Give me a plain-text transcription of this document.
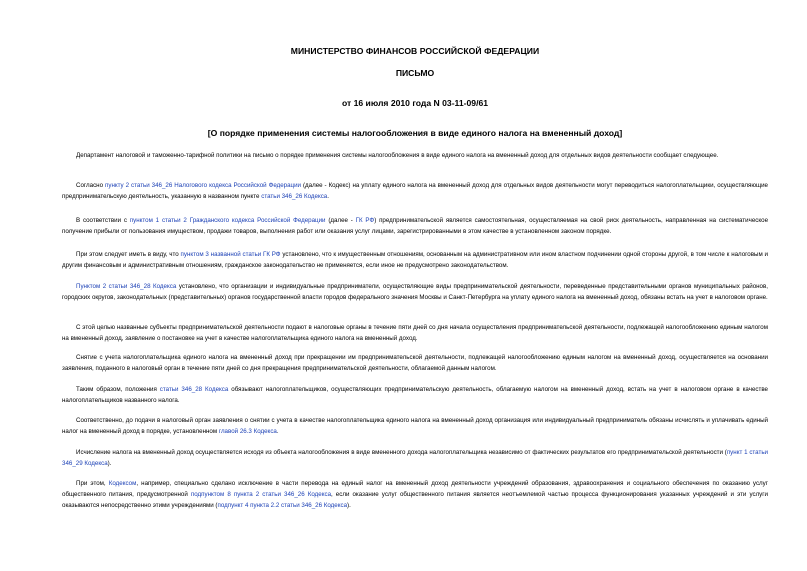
МИНИСТЕРСТВО ФИНАНСОВ РОССИЙСКОЙ ФЕДЕРАЦИИ
ПИСЬМО
от 16 июля 2010 года N 03-11-09/61
[О порядке применения системы налогообложения в виде единого налога на вмененный доход]

Департамент налоговой и таможенно-тарифной политики на письмо о порядке применения системы налогообложения в виде единого налога на вмененный доход для отдельных видов деятельности сообщает следующее.

Согласно пункту 2 статьи 346_26 Налогового кодекса Российской Федерации (далее - Кодекс) на уплату единого налога на вмененный доход для отдельных видов деятельности могут переводиться налогоплательщики, осуществляющие предпринимательскую деятельность, указанную в названном пункте статьи 346_26 Кодекса.

В соответствии с пунктом 1 статьи 2 Гражданского кодекса Российской Федерации (далее - ГК РФ) предпринимательской является самостоятельная, осуществляемая на свой риск деятельность, направленная на систематическое получение прибыли от пользования имуществом, продажи товаров, выполнения работ или оказания услуг лицами, зарегистрированными в этом качестве в установленном законом порядке.

При этом следует иметь в виду, что пунктом 3 названной статьи ГК РФ установлено, что к имущественным отношениям, основанным на административном или ином властном подчинении одной стороны другой, в том числе к налоговым и другим финансовым и административным отношениям, гражданское законодательство не применяется, если иное не предусмотрено законодательством.

Пунктом 2 статьи 346_28 Кодекса установлено, что организации и индивидуальные предприниматели, осуществляющие виды предпринимательской деятельности, переведенные представительными органов муниципальных районов, городских округов, законодательных (представительных) органов государственной власти городов федерального значения Москвы и Санкт-Петербурга на уплату единого налога на вмененный доход, обязаны встать на учет в налоговом органе.

С этой целью названные субъекты предпринимательской деятельности подают в налоговые органы в течение пяти дней со дня начала осуществления предпринимательской деятельности, подлежащей налогообложению единым налогом на вмененный доход, заявление о постановке на учет в качестве налогоплательщика единого налога на вмененный доход.

Снятие с учета налогоплательщика единого налога на вмененный доход при прекращении им предпринимательской деятельности, подлежащей налогообложению единым налогом на вмененный доход, осуществляется на основании заявления, поданного в налоговый орган в течение пяти дней со дня прекращения предпринимательской деятельности, облагаемой данным налогом.

Таким образом, положения статьи 346_28 Кодекса обязывают налогоплательщиков, осуществляющих предпринимательскую деятельность, облагаемую налогом на вмененный доход, встать на учет в налоговом органе в качестве налогоплательщиков названного налога.

Соответственно, до подачи в налоговый орган заявления о снятии с учета в качестве налогоплательщика единого налога на вмененный доход организация или индивидуальный предприниматель обязаны исчислять и уплачивать единый налог на вмененный доход в порядке, установленном главой 26.3 Кодекса.

Исчисление налога на вмененный доход осуществляется исходя из объекта налогообложения в виде вмененного дохода налогоплательщика независимо от фактических результатов его предпринимательской деятельности (пункт 1 статьи 346_29 Кодекса).

При этом, Кодексом, например, специально сделано исключение в части перевода на единый налог на вмененный доход деятельности учреждений образования, здравоохранения и социального обеспечения по оказанию услуг общественного питания, предусмотренной подпунктом 8 пункта 2 статьи 346_26 Кодекса, если оказание услуг общественного питания является неотъемлемой частью процесса функционирования указанных учреждений и эти услуги оказываются непосредственно этими учреждениями (подпункт 4 пункта 2.2 статьи 346_26 Кодекса).
